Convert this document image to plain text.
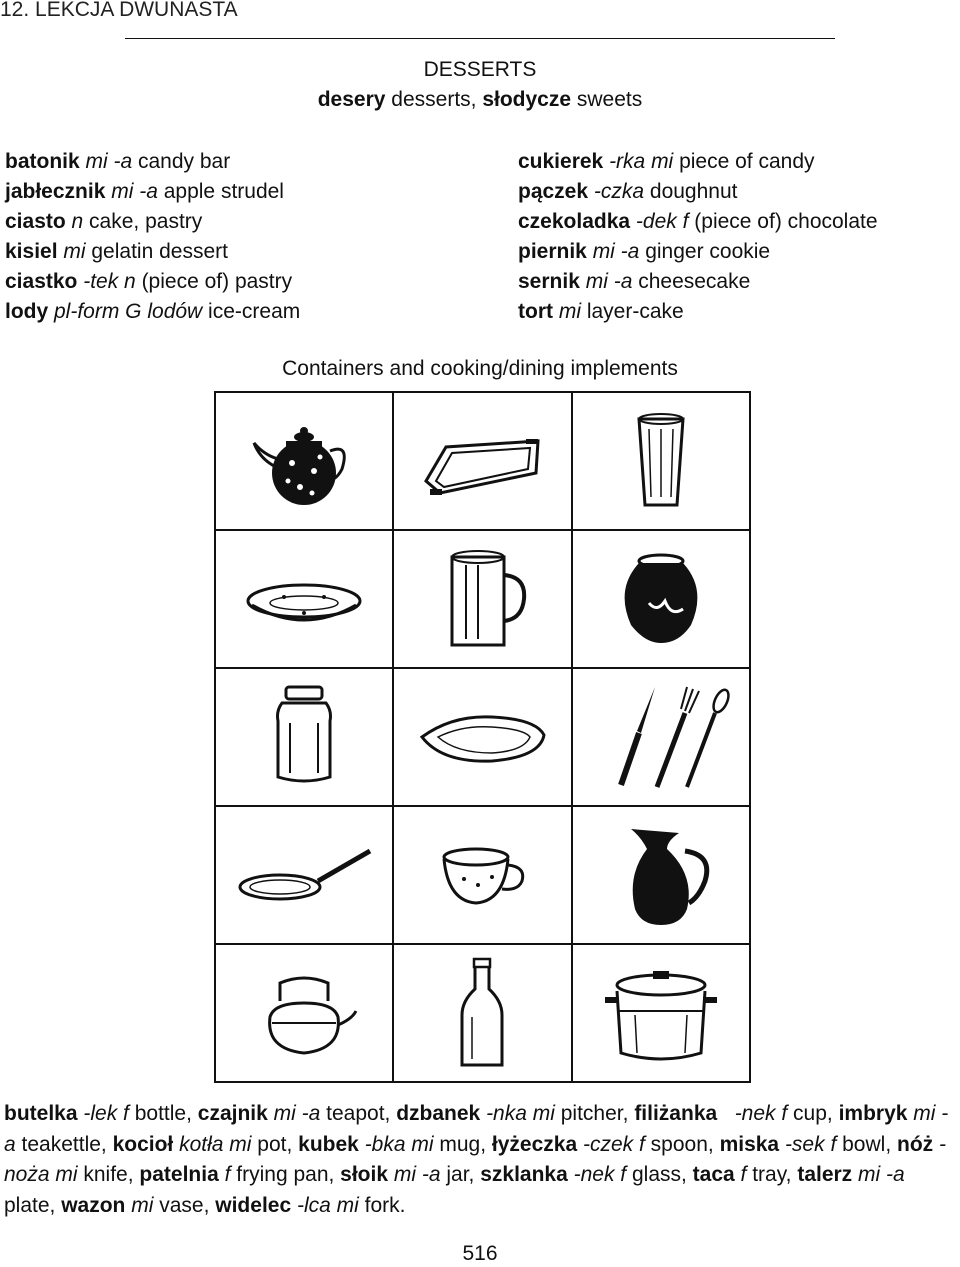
12. LEKCJA DWUNASTA
DESSERTS
desery desserts, słodycze sweets
batonik mi -a candy bar
jabłecznik mi -a apple strudel
ciasto n cake, pastry
kisiel mi gelatin dessert
ciastko -tek n (piece of) pastry
lody pl-form G lodów ice-cream
cukierek -rka mi piece of candy
pączek -czka doughnut
czekoladka -dek f (piece of) chocolate
piernik mi -a ginger cookie
sernik mi -a cheesecake
tort mi layer-cake
Containers and cooking/dining implements
butelka -lek f bottle, czajnik mi -a teapot, dzbanek -nka mi pitcher, filiżanka   -nek f cup, imbryk mi -a teakettle, kocioł kotła mi pot, kubek -bka mi mug, łyżeczka -czek f spoon, miska -sek f bowl, nóż -noża mi knife, patelnia f frying pan, słoik mi -a jar, szklanka -nek f glass, taca f tray, talerz mi -a plate, wazon mi vase, widelec -lca mi fork.
516
